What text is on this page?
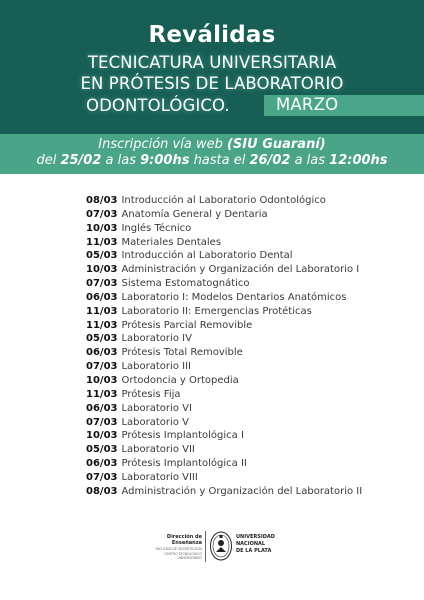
Reválidas
TECNICATURA UNIVERSITARIA
EN PRÓTESIS DE LABORATORIO
ODONTOLÓGICO.	MARZO
Inscripción vía web (SIU Guaraní)
del 25/02 a las 9:00hs hasta el 26/02 a las 12:00hs
08/03 Introducción al Laboratorio Odontológico
07/03 Anatomía General y Dentaria
10/03 Inglés Técnico
11/03 Materiales Dentales
05/03 Introducción al Laboratorio Dental
10/03 Administración y Organización del Laboratorio I
07/03 Sistema Estomatognático
06/03 Laboratorio I: Modelos Dentarios Anatómicos
11/03 Laboratorio II: Emergencias Protéticas
11/03 Prótesis Parcial Removible
05/03 Laboratorio IV
06/03 Prótesis Total Removible
07/03 Laboratorio III
10/03 Ortodoncia y Ortopedia
11/03 Prótesis Fija
06/03 Laboratorio VI
07/03 Laboratorio V
10/03 Prótesis Implantológica I
05/03 Laboratorio VII
06/03 Prótesis Implantológica II
07/03 Laboratorio VIII
08/03 Administración y Organización del Laboratorio II
Dirección de Enseñanza
FACULTAD DE ODONTOLOGÍA
CENTRO TECNOLÓGICO UNIVERSITARIO
UNIVERSIDAD
NACIONAL
DE LA PLATA
